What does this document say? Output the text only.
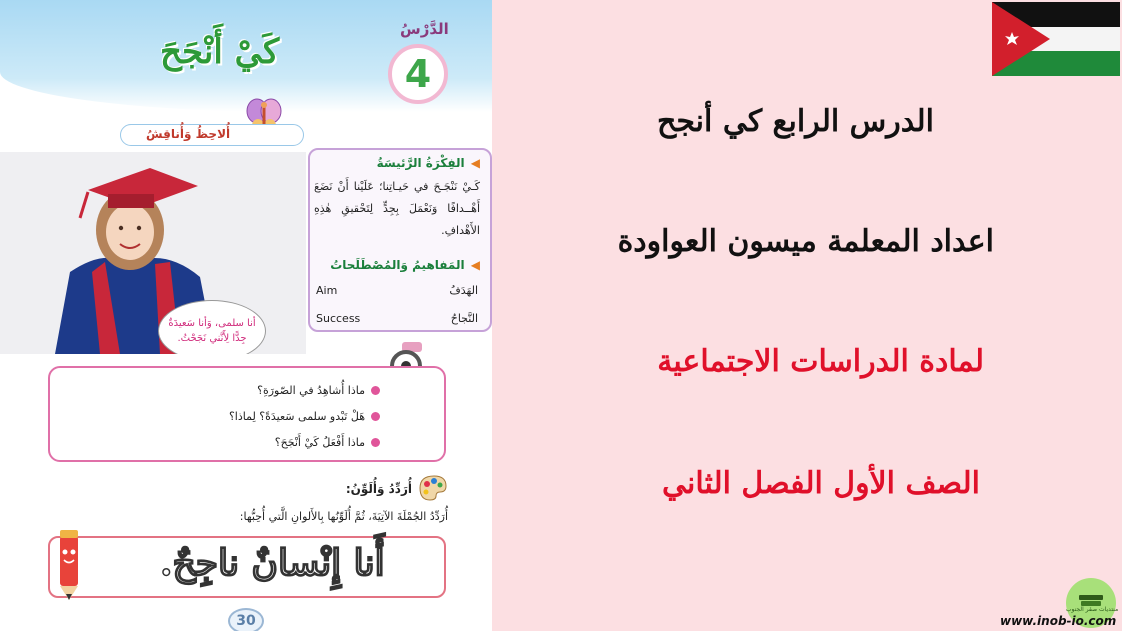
الدَّرْسُ
4
كَيْ أَنْجَحَ
أُلاحِظُ وَأُناقِشُ
أنا سلمى، وَأنا سَعيدَةٌ
جِدًّا لِأَنَّني نَجَحْتُ.
◀ الفِكْرَةُ الرَّئيسَةُ
كَـيْ نَنْجَـحَ في حَيـاتِنا؛ عَلَيْنا أَنْ نَضَعَ أَهْــدافًا وَنَعْمَلَ بِجِدٍّ لِتَحْقيقِ هٰذِهِ الأَهْدافِ.
◀ المَفاهيمُ وَالمُصْطَلَحاتُ
الهَدَفُ
Aim
النَّجاحُ
Success
ماذا أُشاهِدُ في الصّورَةِ؟
هَلْ تَبْدو سلمى سَعيدَةً؟ لِماذا؟
ماذا أَفْعَلُ كَيْ أَنْجَحَ؟
أُرَدِّدُ وَأُلَوِّنُ:
أُرَدِّدُ الجُمْلَةَ الآتِيَةَ، ثُمَّ أُلَوِّنُها بِالأَلوانِ الَّتي أُحِبُّها:
أَنا إِنْسانٌ ناجِحٌ.
30
الدرس الرابع كي أنجح
اعداد المعلمة ميسون العواودة
لمادة الدراسات الاجتماعية
الصف الأول الفصل الثاني
منتديات صقر الجنوب
www.inob-io.com
